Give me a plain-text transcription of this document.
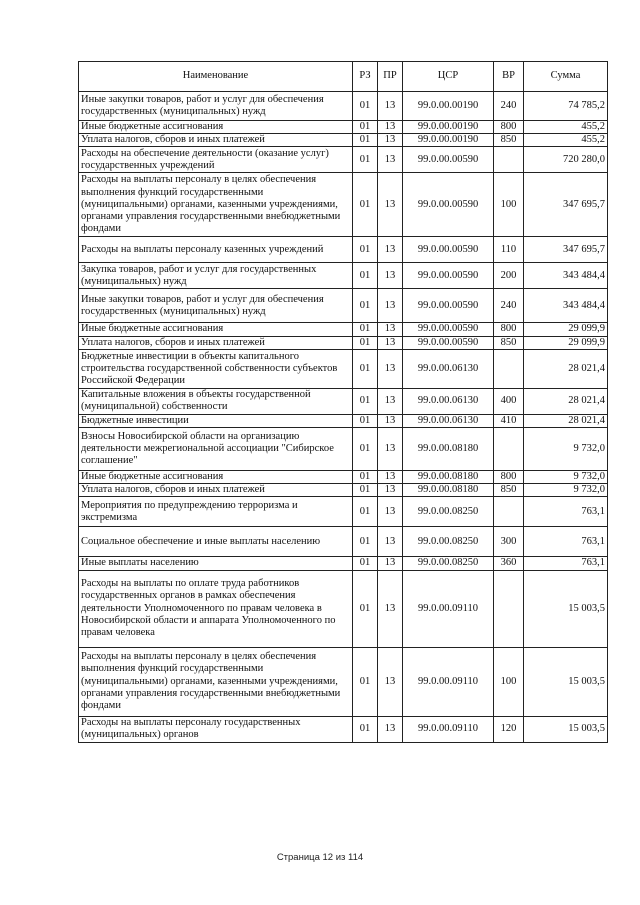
Наименование	РЗ	ПР	ЦСР	ВР	Сумма
Иные закупки товаров, работ и услуг для обеспечения государственных (муниципальных) нужд	01	13	99.0.00.00190	240	74 785,2
Иные бюджетные ассигнования	01	13	99.0.00.00190	800	455,2
Уплата налогов, сборов и иных платежей	01	13	99.0.00.00190	850	455,2
Расходы на обеспечение деятельности (оказание услуг) государственных учреждений	01	13	99.0.00.00590		720 280,0
Расходы на выплаты персоналу в целях обеспечения выполнения функций государственными (муниципальными) органами, казенными учреждениями, органами управления государственными внебюджетными фондами	01	13	99.0.00.00590	100	347 695,7
Расходы на выплаты персоналу казенных учреждений	01	13	99.0.00.00590	110	347 695,7
Закупка товаров, работ и услуг для государственных (муниципальных) нужд	01	13	99.0.00.00590	200	343 484,4
Иные закупки товаров, работ и услуг для обеспечения государственных (муниципальных) нужд	01	13	99.0.00.00590	240	343 484,4
Иные бюджетные ассигнования	01	13	99.0.00.00590	800	29 099,9
Уплата налогов, сборов и иных платежей	01	13	99.0.00.00590	850	29 099,9
Бюджетные инвестиции в объекты капитального строительства государственной собственности субъектов Российской Федерации	01	13	99.0.00.06130		28 021,4
Капитальные вложения в объекты государственной (муниципальной) собственности	01	13	99.0.00.06130	400	28 021,4
Бюджетные инвестиции	01	13	99.0.00.06130	410	28 021,4
Взносы Новосибирской области на организацию деятельности межрегиональной ассоциации "Сибирское соглашение"	01	13	99.0.00.08180		9 732,0
Иные бюджетные ассигнования	01	13	99.0.00.08180	800	9 732,0
Уплата налогов, сборов и иных платежей	01	13	99.0.00.08180	850	9 732,0
Мероприятия по предупреждению терроризма и экстремизма	01	13	99.0.00.08250		763,1
Социальное обеспечение и иные выплаты населению	01	13	99.0.00.08250	300	763,1
Иные выплаты населению	01	13	99.0.00.08250	360	763,1
Расходы на выплаты по оплате труда работников государственных органов в рамках обеспечения деятельности Уполномоченного по правам человека в Новосибирской области и аппарата Уполномоченного по правам человека	01	13	99.0.00.09110		15 003,5
Расходы на выплаты персоналу в целях обеспечения выполнения функций государственными (муниципальными) органами, казенными учреждениями, органами управления государственными внебюджетными фондами	01	13	99.0.00.09110	100	15 003,5
Расходы на выплаты персоналу государственных (муниципальных) органов	01	13	99.0.00.09110	120	15 003,5
Страница 12 из 114
